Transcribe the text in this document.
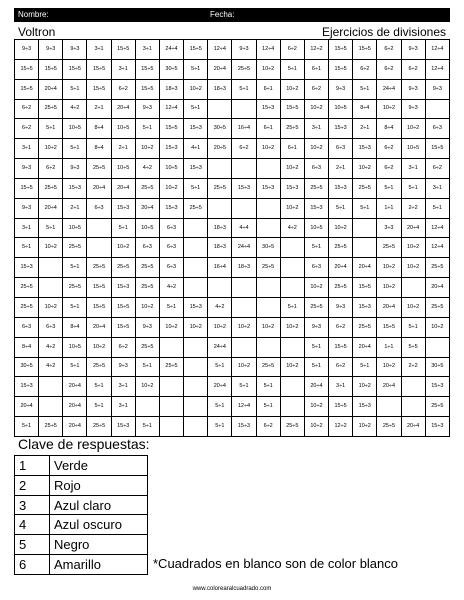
Nombre:	Fecha:
Voltron	Ejercicios de divisiones
9÷3	9÷3	9÷3	3÷1	15÷5	3÷1	24÷4	15÷5	12÷4	9÷3	12÷4	6÷2	12÷2	15÷5	15÷5	6÷2	9÷3	12÷4
15÷5	15÷5	15÷5	15÷5	3÷1	15÷5	30÷5	5÷1	20÷4	25÷5	10÷2	5÷1	6÷1	15÷5	6÷2	6÷2	6÷2	12÷4
15÷5	20÷4	5÷1	15÷5	6÷2	15÷5	18÷3	10÷2	18÷3	5÷1	6÷1	10÷2	6÷2	9÷3	5÷1	24÷4	9÷3	9÷3
6÷2	25÷5	4÷2	2÷1	20÷4	9÷3	12÷4	5÷1			15÷3	15÷5	10÷2	10÷5	8÷4	10÷2	9÷3	
6÷2	5÷1	10÷5	8÷4	10÷5	5÷1	15÷5	15÷3	30÷5	16÷4	6÷1	25÷5	3÷1	15÷3	2÷1	8÷4	10÷2	6÷3
3÷1	10÷2	5÷1	8÷4	2÷1	10÷2	15÷3	4÷1	20÷5	6÷2	10÷2	6÷1	10÷2	6÷3	15÷3	6÷2	10÷5	15÷5
9÷3	6÷2	9÷3	25÷5	10÷5	4÷2	10÷5	15÷3				10÷2	6÷3	2÷1	10÷2	6÷2	3÷1	6÷2
15÷5	25÷5	15÷3	20÷4	20÷4	25÷5	10÷2	5÷1	25÷5	15÷3	15÷3	15÷3	25÷5	15÷3	25÷5	5÷1	5÷1	3÷1
9÷3	20÷4	2÷1	6÷3	15÷3	20÷4	15÷3	25÷5				10÷2	15÷3	5÷1	5÷1	1÷1	2÷2	5÷1
3÷1	5÷1	10÷5		5÷1	10÷5	6÷3		18÷3	4÷4		4÷2	10÷5	10÷2		3÷3	20÷4	12÷4
5÷1	10÷2	25÷5		10÷2	6÷3	6÷3		18÷3	24÷4	30÷5		5÷1	25÷5		25÷5	10÷2	12÷4
15÷3		5÷1	25÷5	25÷5	25÷5	6÷3		16÷4	18÷3	25÷5		6÷3	20÷4	20÷4	10÷2	10÷2	25÷5
25÷5		25÷5	15÷5	15÷3	25÷5	4÷2						10÷2	25÷5	15÷5	10÷2		20÷4
25÷5	10÷2	5÷1	15÷5	15÷5	10÷2	5÷1	15÷3	4÷2			5÷1	25÷5	9÷3	15÷3	20÷4	10÷2	25÷5
6÷3	6÷3	8÷4	20÷4	15÷5	9÷3	10÷2	10÷2	10÷2	10÷2	10÷2	10÷2	9÷3	6÷2	25÷5	15÷5	5÷1	10÷2
8÷4	4÷2	10÷5	10÷2	6÷2	25÷5			24÷4				5÷1	15÷5	20÷4	1÷1	5÷5	
30÷5	4÷2	5÷1	25÷5	9÷3	5÷1	25÷5		5÷1	10÷2	25÷5	10÷2	5÷1	6÷2	5÷1	10÷2	2÷2	30÷5
15÷3		20÷4	5÷1	3÷1	10÷2			20÷4	5÷1	5÷1		20÷4	3÷1	10÷2	20÷4		15÷3
20÷4		20÷4	5÷1	3÷1				5÷1	12÷4	5÷1		10÷2	15÷5	15÷3			25÷5
5÷1	25÷5	20÷4	25÷5	15÷3	5÷1			5÷1	15÷3	6÷2	25÷5	10÷2	12÷2	10÷2	25÷5	20÷4	15÷3
Clave de respuestas:
1	Verde
2	Rojo
3	Azul claro
4	Azul oscuro
5	Negro
6	Amarillo	*Cuadrados en blanco son de color blanco
www.colorearalcuadrado.com
